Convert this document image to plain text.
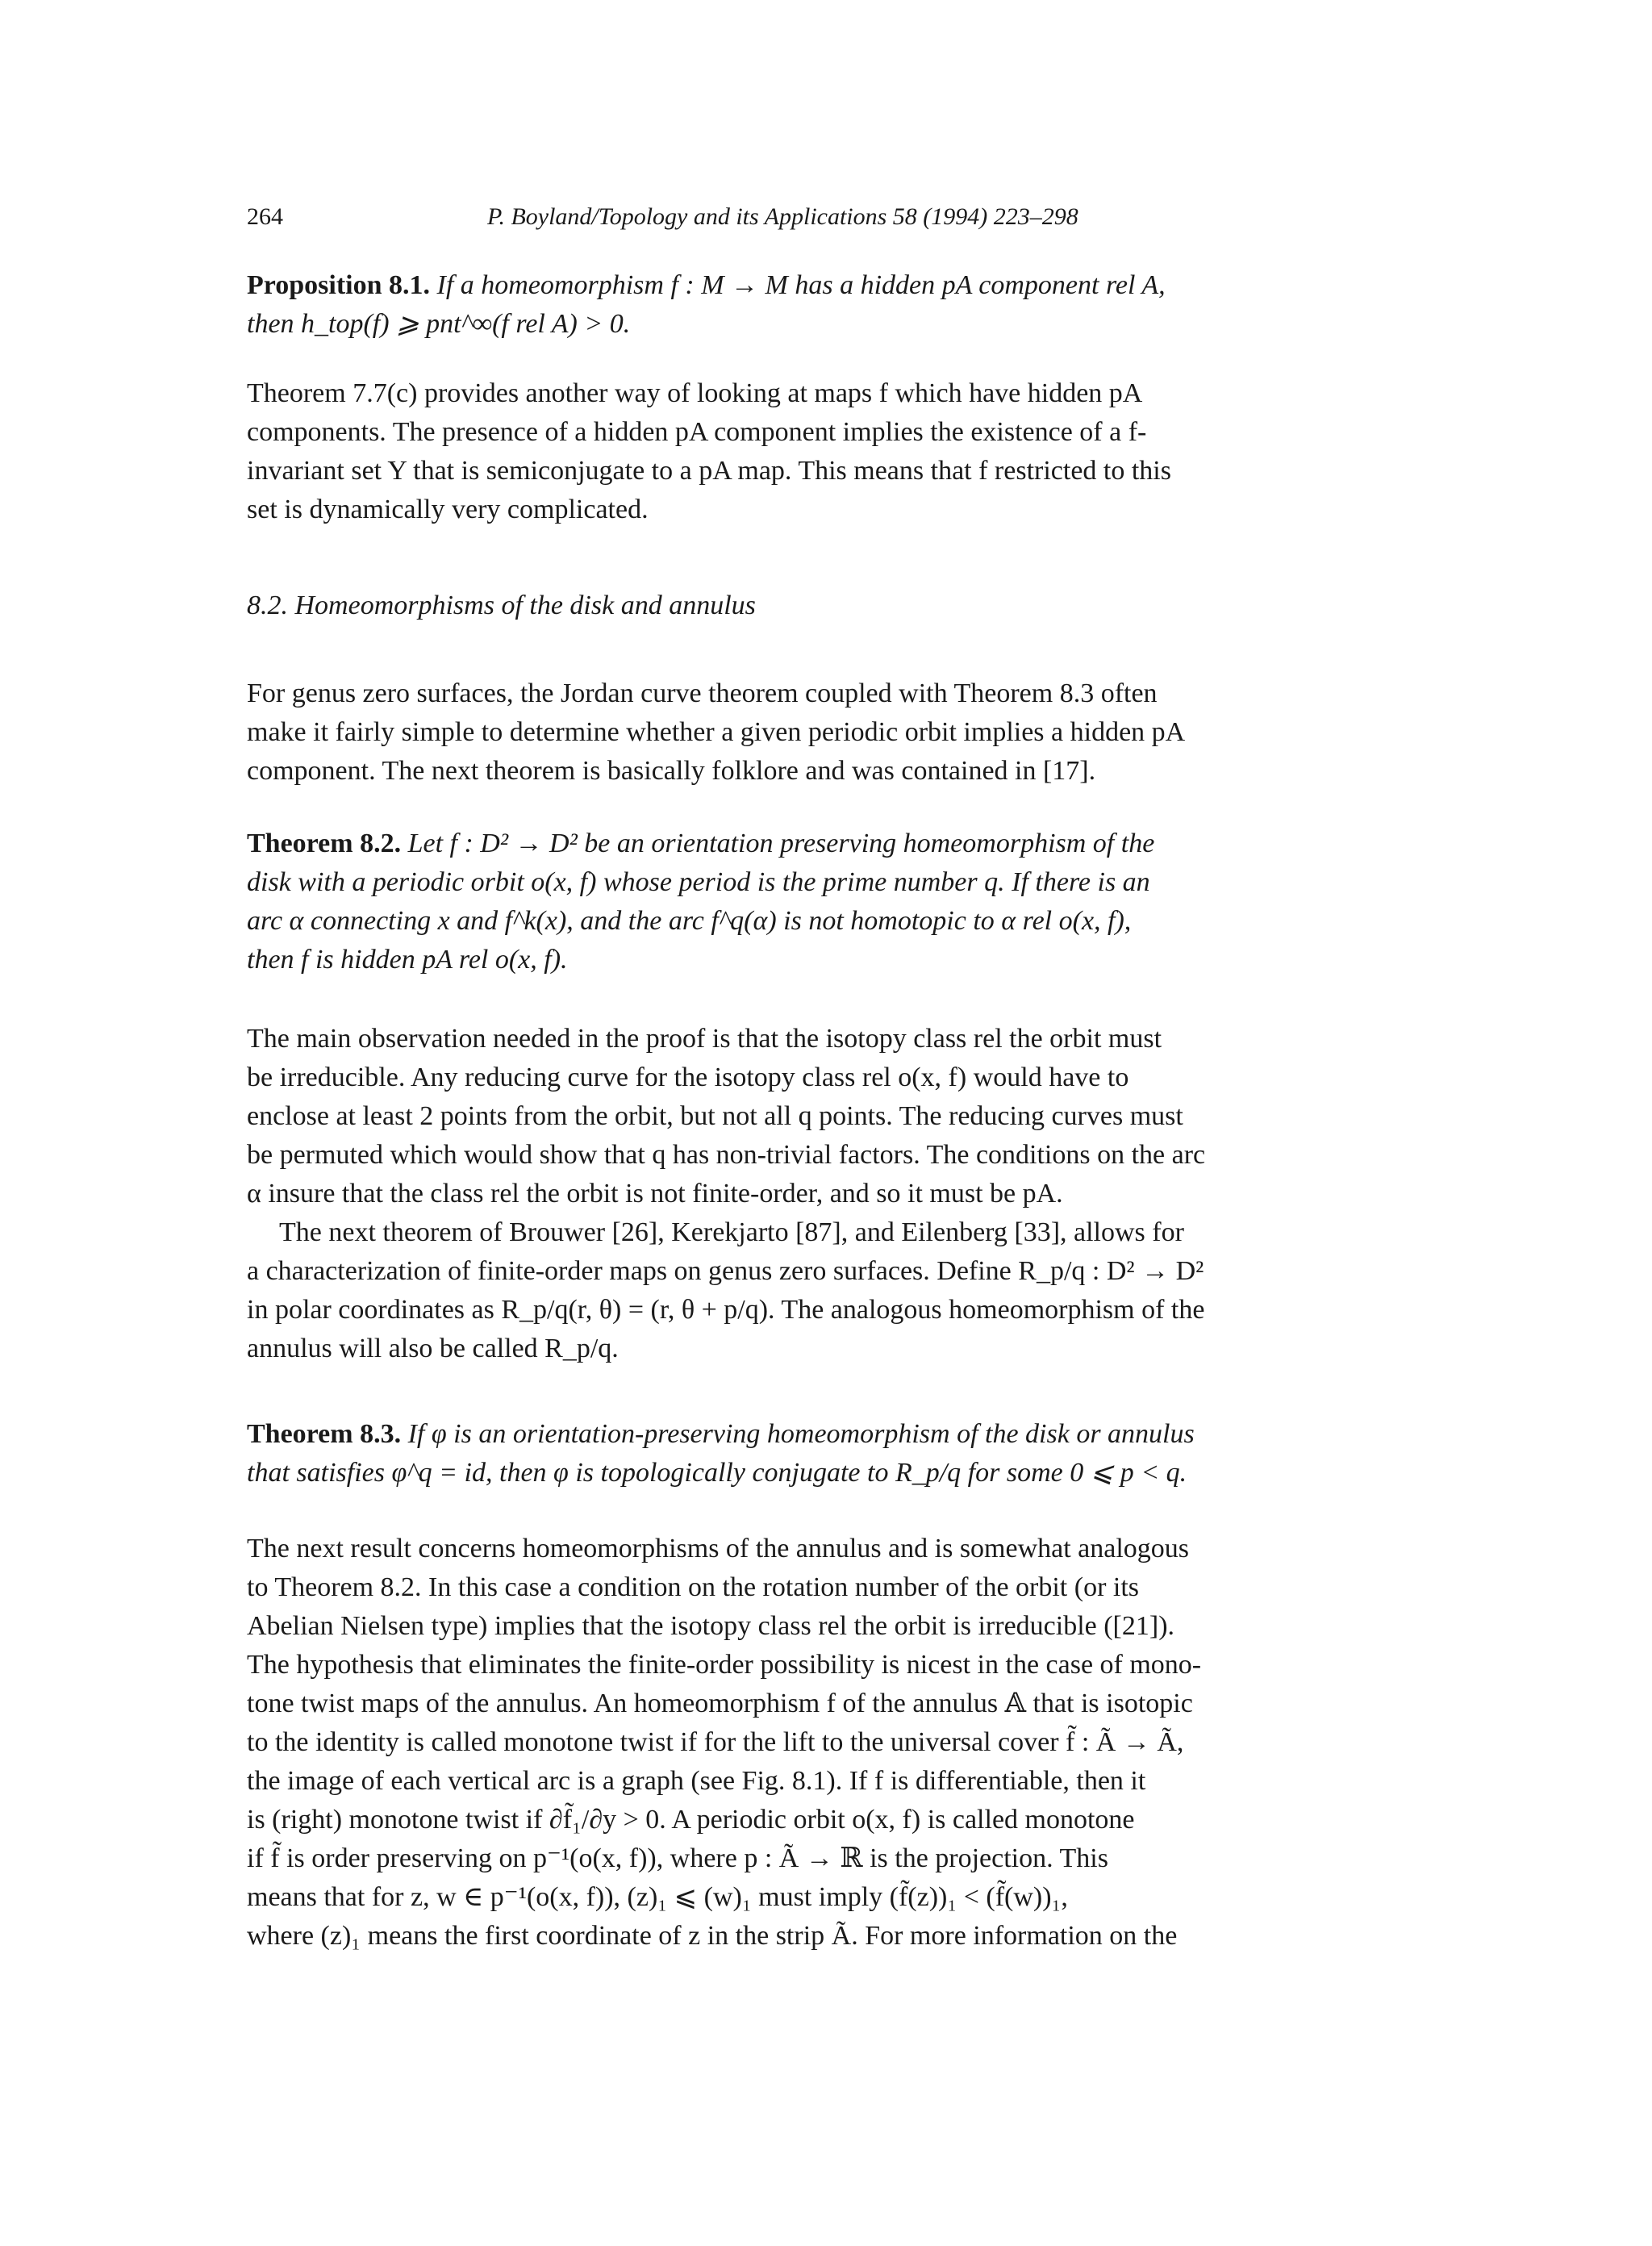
264	P. Boyland/Topology and its Applications 58 (1994) 223–298
Proposition 8.1. If a homeomorphism f : M → M has a hidden pA component rel A,
then h_top(f) ⩾ pnt^∞(f rel A) > 0.
Theorem 7.7(c) provides another way of looking at maps f which have hidden pA
components. The presence of a hidden pA component implies the existence of a f-
invariant set Y that is semiconjugate to a pA map. This means that f restricted to this
set is dynamically very complicated.
8.2. Homeomorphisms of the disk and annulus
For genus zero surfaces, the Jordan curve theorem coupled with Theorem 8.3 often
make it fairly simple to determine whether a given periodic orbit implies a hidden pA
component. The next theorem is basically folklore and was contained in [17].
Theorem 8.2. Let f : D² → D² be an orientation preserving homeomorphism of the
disk with a periodic orbit o(x, f) whose period is the prime number q. If there is an
arc α connecting x and f^k(x), and the arc f^q(α) is not homotopic to α rel o(x, f),
then f is hidden pA rel o(x, f).
The main observation needed in the proof is that the isotopy class rel the orbit must
be irreducible. Any reducing curve for the isotopy class rel o(x, f) would have to
enclose at least 2 points from the orbit, but not all q points. The reducing curves must
be permuted which would show that q has non-trivial factors. The conditions on the arc
α insure that the class rel the orbit is not finite-order, and so it must be pA.
The next theorem of Brouwer [26], Kerekjarto [87], and Eilenberg [33], allows for
a characterization of finite-order maps on genus zero surfaces. Define R_p/q : D² → D²
in polar coordinates as R_p/q(r, θ) = (r, θ + p/q). The analogous homeomorphism of the
annulus will also be called R_p/q.
Theorem 8.3. If φ is an orientation-preserving homeomorphism of the disk or annulus
that satisfies φ^q = id, then φ is topologically conjugate to R_p/q for some 0 ⩽ p < q.
The next result concerns homeomorphisms of the annulus and is somewhat analogous
to Theorem 8.2. In this case a condition on the rotation number of the orbit (or its
Abelian Nielsen type) implies that the isotopy class rel the orbit is irreducible ([21]).
The hypothesis that eliminates the finite-order possibility is nicest in the case of mono-
tone twist maps of the annulus. An homeomorphism f of the annulus 𝔸 that is isotopic
to the identity is called monotone twist if for the lift to the universal cover f̃ : Ã → Ã,
the image of each vertical arc is a graph (see Fig. 8.1). If f is differentiable, then it
is (right) monotone twist if ∂f̃₁/∂y > 0. A periodic orbit o(x, f) is called monotone
if f̃ is order preserving on p⁻¹(o(x, f)), where p : Ã → ℝ is the projection. This
means that for z, w ∈ p⁻¹(o(x, f)), (z)₁ ⩽ (w)₁ must imply (f̃(z))₁ < (f̃(w))₁,
where (z)₁ means the first coordinate of z in the strip Ã. For more information on the
